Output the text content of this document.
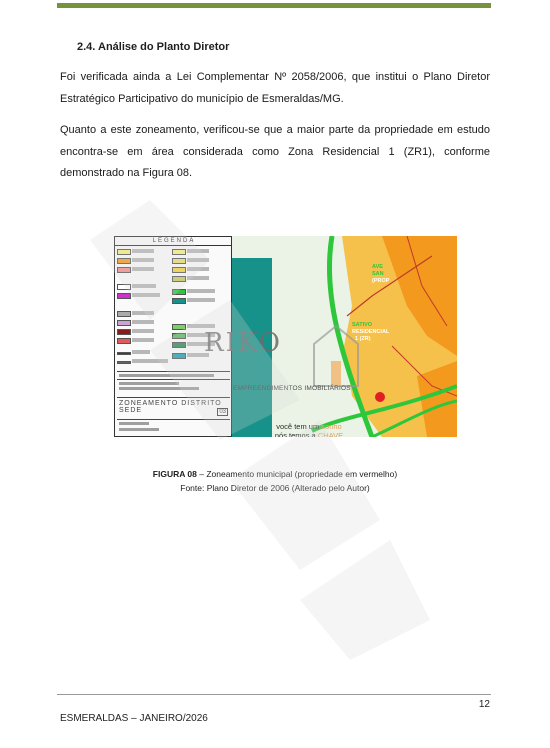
2.4. Análise do Planto Diretor
Foi verificada ainda a Lei Complementar Nº 2058/2006, que institui o Plano Diretor Estratégico Participativo do município de Esmeraldas/MG.
Quanto a este zoneamento, verificou-se que a maior parte da propriedade em estudo
encontra-se em área considerada como Zona Residencial 1 (ZR1), conforme
demonstrado na Figura 08.
LEGENDA
ZONEAMENTO DISTRITO SEDE	03
AVE
SAN
(PROP
SATIVO
RESIDENCIAL
1 (ZR)
RIKO
EMPREENDIMENTOS IMOBILIÁRIOS
você tem um sonho
nós temos a CHAVE
FIGURA 08 – Zoneamento municipal (propriedade em vermelho)
Fonte: Plano Diretor de 2006 (Alterado pelo Autor)
12
ESMERALDAS – JANEIRO/2026
